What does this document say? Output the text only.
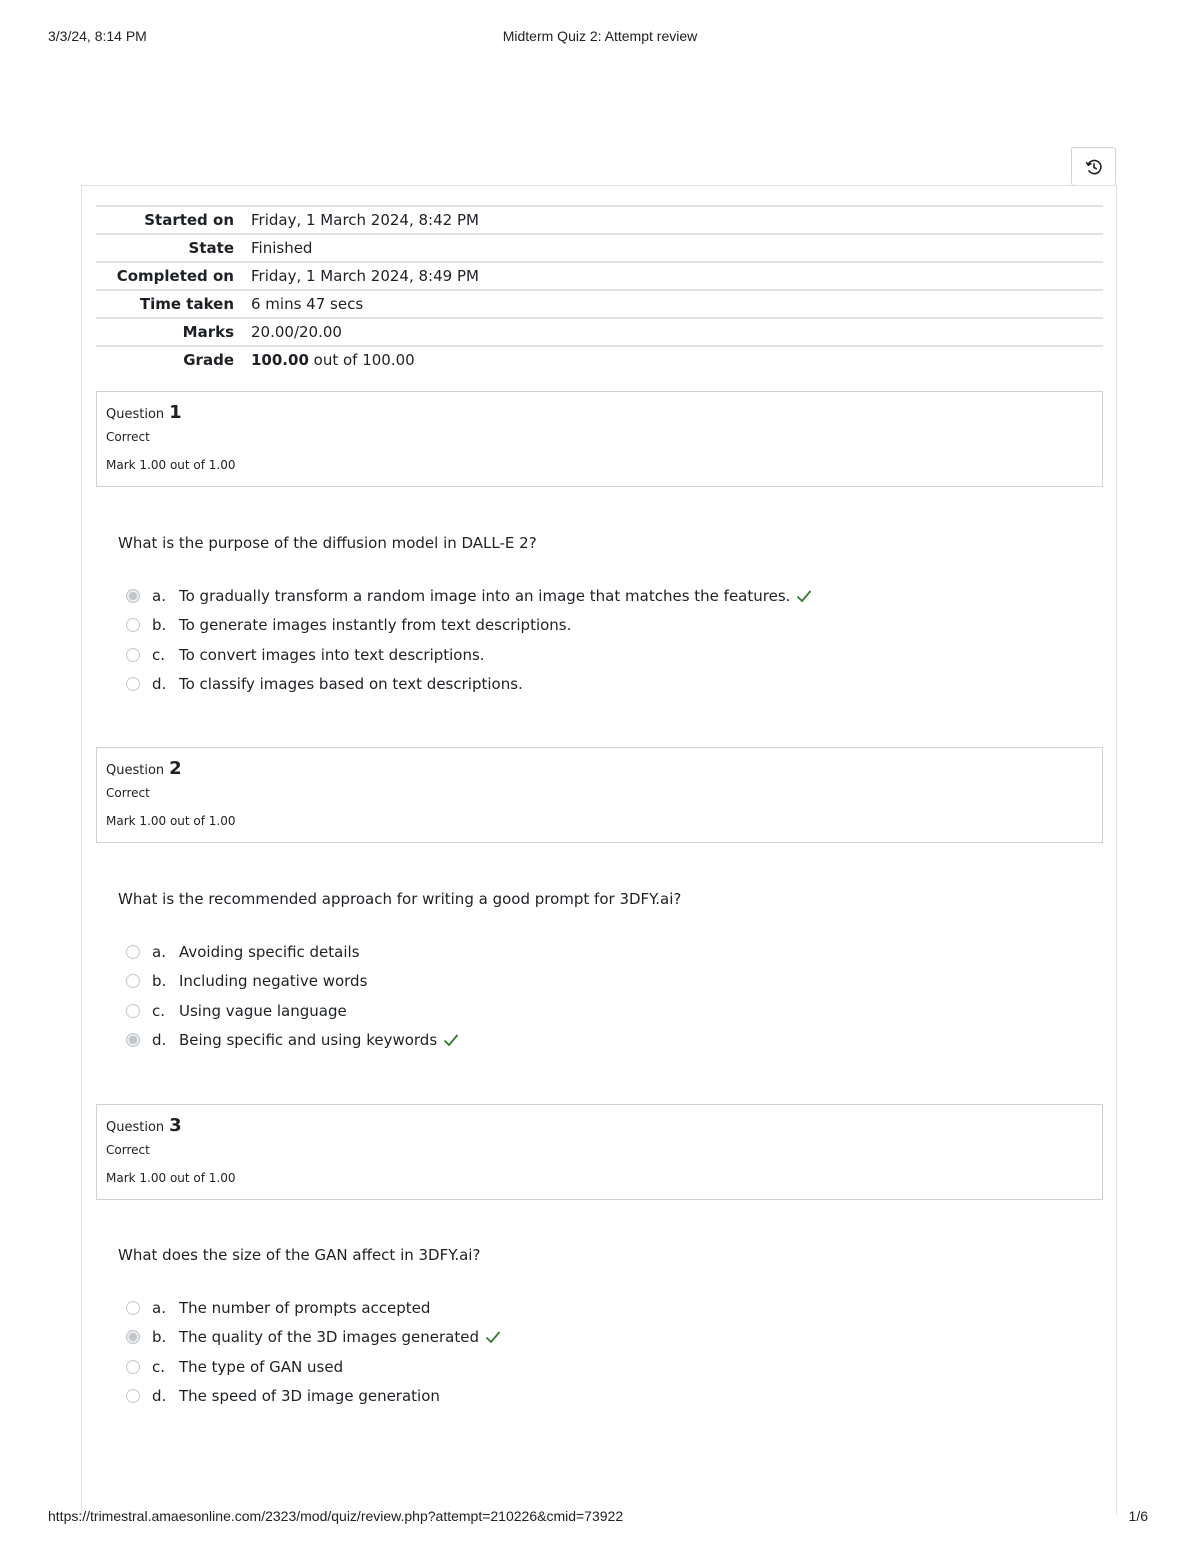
3/3/24, 8:14 PM	Midterm Quiz 2: Attempt review
Started on	Friday, 1 March 2024, 8:42 PM
State	Finished
Completed on	Friday, 1 March 2024, 8:49 PM
Time taken	6 mins 47 secs
Marks	20.00/20.00
Grade	100.00 out of 100.00
Question 1
Correct
Mark 1.00 out of 1.00
What is the purpose of the diffusion model in DALL-E 2?
a. To gradually transform a random image into an image that matches the features.
b. To generate images instantly from text descriptions.
c. To convert images into text descriptions.
d. To classify images based on text descriptions.
Question 2
Correct
Mark 1.00 out of 1.00
What is the recommended approach for writing a good prompt for 3DFY.ai?
a. Avoiding specific details
b. Including negative words
c. Using vague language
d. Being specific and using keywords
Question 3
Correct
Mark 1.00 out of 1.00
What does the size of the GAN affect in 3DFY.ai?
a. The number of prompts accepted
b. The quality of the 3D images generated
c. The type of GAN used
d. The speed of 3D image generation
https://trimestral.amaesonline.com/2323/mod/quiz/review.php?attempt=210226&cmid=73922	1/6
